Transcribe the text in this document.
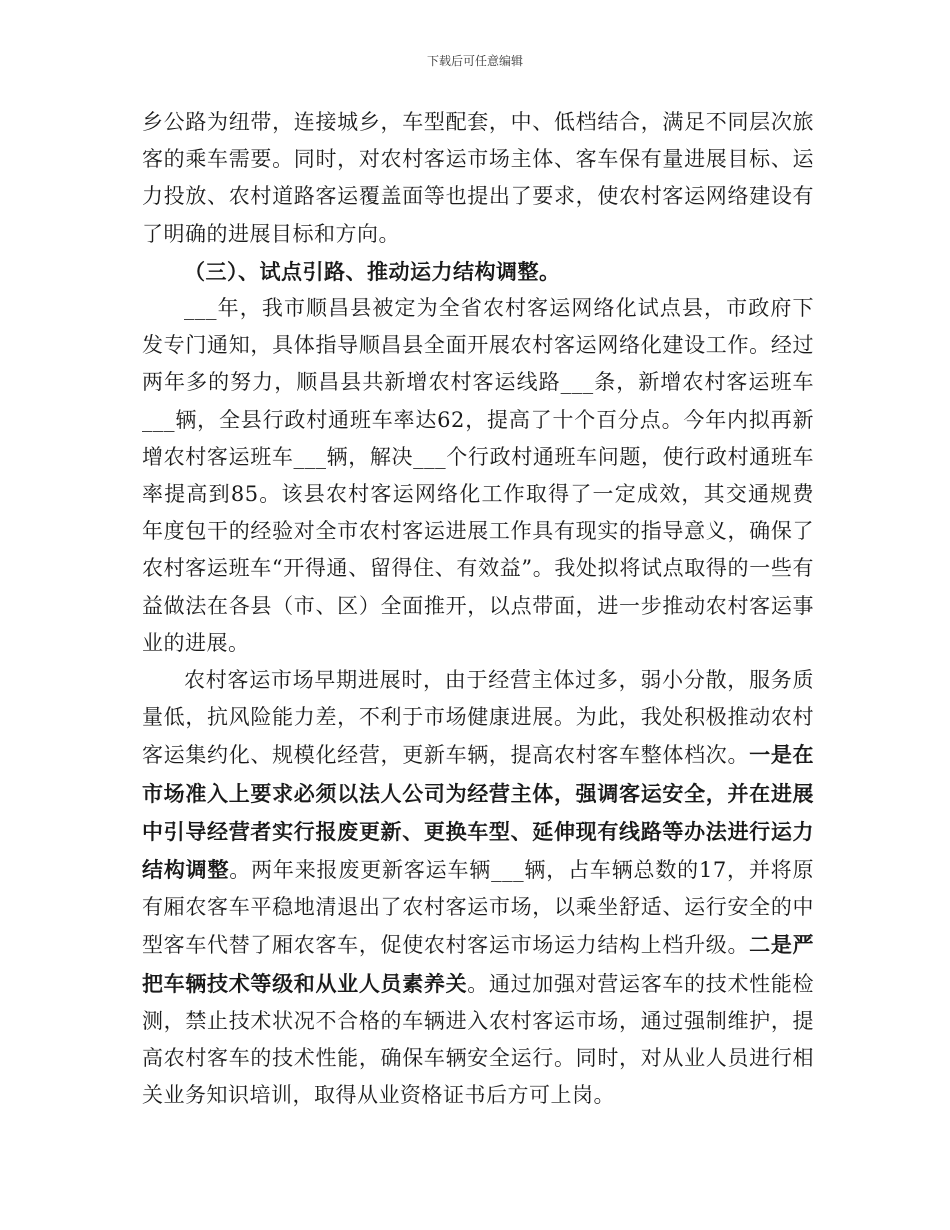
下载后可任意编辑

乡公路为纽带，连接城乡，车型配套，中、低档结合，满足不同层次旅客的乘车需要。同时，对农村客运市场主体、客车保有量进展目标、运力投放、农村道路客运覆盖面等也提出了要求，使农村客运网络建设有了明确的进展目标和方向。

（三）、试点引路、推动运力结构调整。

___年，我市顺昌县被定为全省农村客运网络化试点县，市政府下发专门通知，具体指导顺昌县全面开展农村客运网络化建设工作。经过两年多的努力，顺昌县共新增农村客运线路___条，新增农村客运班车___辆，全县行政村通班车率达62，提高了十个百分点。今年内拟再新增农村客运班车___辆，解决___个行政村通班车问题，使行政村通班车率提高到85。该县农村客运网络化工作取得了一定成效，其交通规费年度包干的经验对全市农村客运进展工作具有现实的指导意义，确保了农村客运班车“开得通、留得住、有效益”。我处拟将试点取得的一些有益做法在各县（市、区）全面推开，以点带面，进一步推动农村客运事业的进展。

农村客运市场早期进展时，由于经营主体过多，弱小分散，服务质量低，抗风险能力差，不利于市场健康进展。为此，我处积极推动农村客运集约化、规模化经营，更新车辆，提高农村客车整体档次。一是在市场准入上要求必须以法人公司为经营主体，强调客运安全，并在进展中引导经营者实行报废更新、更换车型、延伸现有线路等办法进行运力结构调整。两年来报废更新客运车辆___辆，占车辆总数的17，并将原有厢农客车平稳地清退出了农村客运市场，以乘坐舒适、运行安全的中型客车代替了厢农客车，促使农村客运市场运力结构上档升级。二是严把车辆技术等级和从业人员素养关。通过加强对营运客车的技术性能检测，禁止技术状况不合格的车辆进入农村客运市场，通过强制维护，提高农村客车的技术性能，确保车辆安全运行。同时，对从业人员进行相关业务知识培训，取得从业资格证书后方可上岗。
